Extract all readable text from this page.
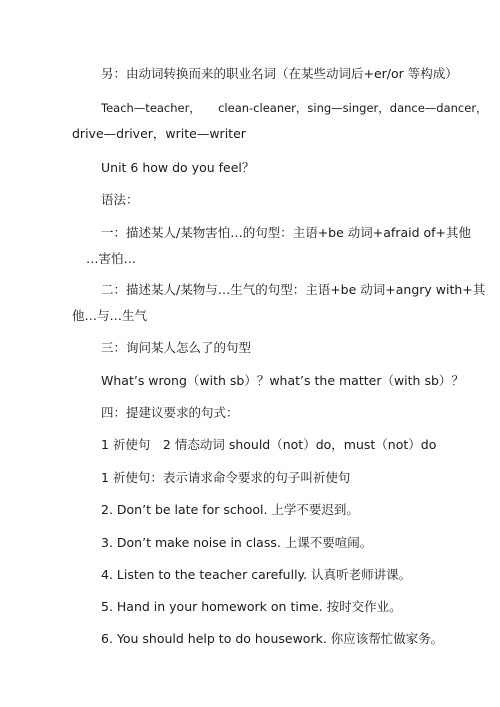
另：由动词转换而来的职业名词（在某些动词后+er/or 等构成）
Teach—teacher，　　clean-cleaner，sing—singer，dance—dancer，
drive—driver，write—writer
Unit 6 how do you feel？
语法：
一：描述某人/某物害怕…的句型：主语+be 动词+afraid of+其他
…害怕…
二：描述某人/某物与…生气的句型：主语+be 动词+angry with+其
他…与…生气
三：询问某人怎么了的句型
What’s wrong（with sb）？what’s the matter（with sb）？
四：提建议要求的句式：
1 祈使句　2 情态动词 should（not）do，must（not）do
1 祈使句：表示请求命令要求的句子叫祈使句
2. Don’t be late for school. 上学不要迟到。
3. Don’t make noise in class. 上课不要喧闹。
4. Listen to the teacher carefully. 认真听老师讲课。
5. Hand in your homework on time. 按时交作业。
6. You should help to do housework. 你应该帮忙做家务。
